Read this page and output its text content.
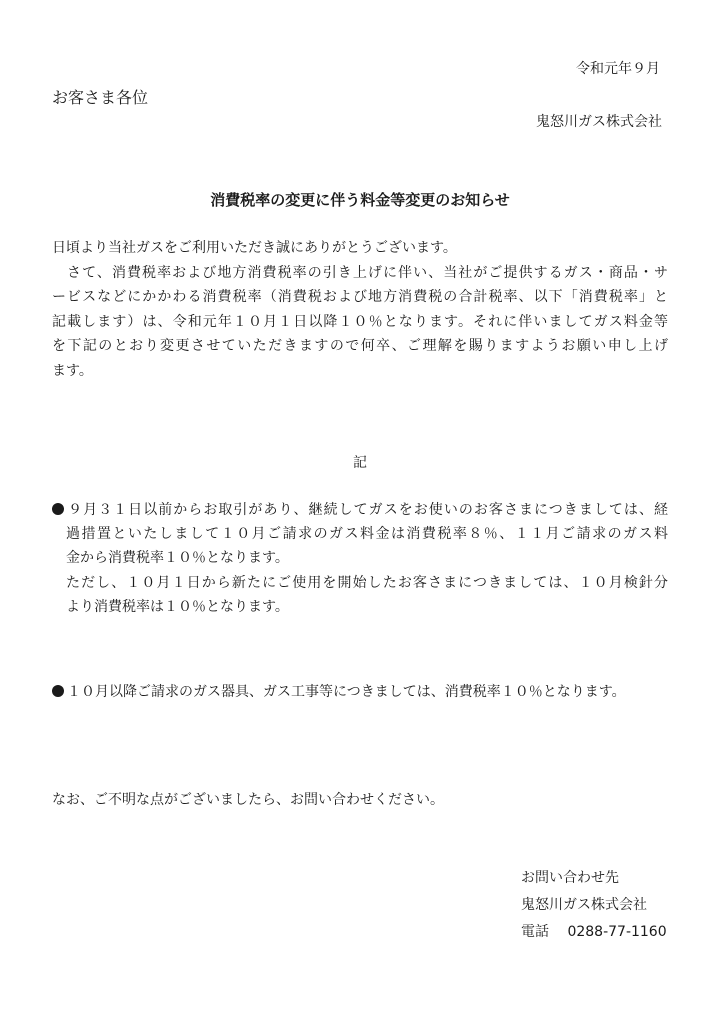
令和元年９月

お客さま各位

鬼怒川ガス株式会社

消費税率の変更に伴う料金等変更のお知らせ

日頃より当社ガスをご利用いただき誠にありがとうございます。

　さて、消費税率および地方消費税率の引き上げに伴い、当社がご提供するガス・商品・サ
ービスなどにかかわる消費税率（消費税および地方消費税の合計税率、以下「消費税率」と
記載します）は、令和元年１０月１日以降１０％となります。それに伴いましてガス料金等
を下記のとおり変更させていただきますので何卒、ご理解を賜りますようお願い申し上げ
ます。

記

９月３１日以前からお取引があり、継続してガスをお使いのお客さまにつきましては、経
過措置といたしまして１０月ご請求のガス料金は消費税率８％、１１月ご請求のガス料
金から消費税率１０％となります。
ただし、１０月１日から新たにご使用を開始したお客さまにつきましては、１０月検針分
より消費税率は１０％となります。
１０月以降ご請求のガス器具、ガス工事等につきましては、消費税率１０％となります。

なお、ご不明な点がございましたら、お問い合わせください。

お問い合わせ先
鬼怒川ガス株式会社
電話　 0288-77-1160
